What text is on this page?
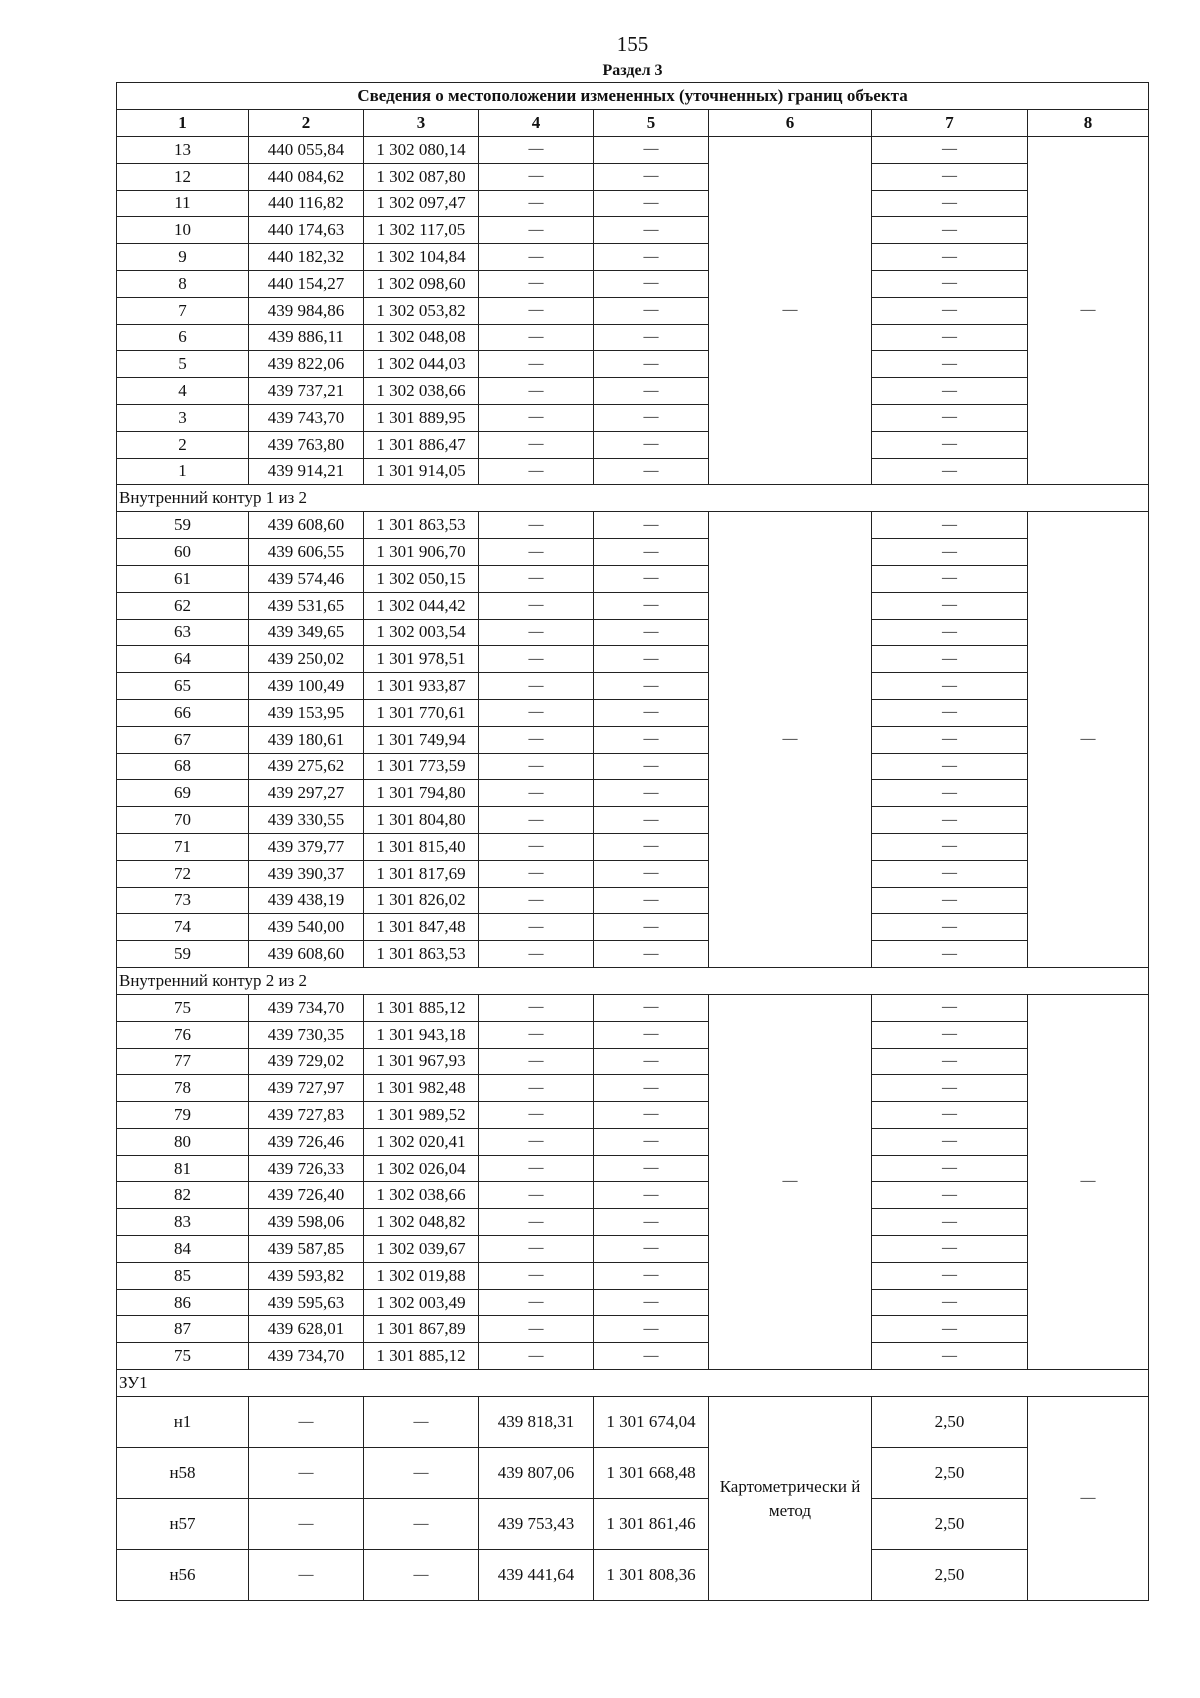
155
Раздел 3
Сведения о местоположении измененных (уточненных) границ объекта							
1	2	3	4	5	6	7	8
13	440 055,84	1 302 080,14	—	—	—	—	—
12	440 084,62	1 302 087,80	—	—		—	
11	440 116,82	1 302 097,47	—	—		—	
10	440 174,63	1 302 117,05	—	—		—	
9	440 182,32	1 302 104,84	—	—		—	
8	440 154,27	1 302 098,60	—	—		—	
7	439 984,86	1 302 053,82	—	—		—	
6	439 886,11	1 302 048,08	—	—		—	
5	439 822,06	1 302 044,03	—	—		—	
4	439 737,21	1 302 038,66	—	—		—	
3	439 743,70	1 301 889,95	—	—		—	
2	439 763,80	1 301 886,47	—	—		—	
1	439 914,21	1 301 914,05	—	—		—	
Внутренний контур 1 из 2							
59	439 608,60	1 301 863,53	—	—	—	—	—
60	439 606,55	1 301 906,70	—	—		—	
61	439 574,46	1 302 050,15	—	—		—	
62	439 531,65	1 302 044,42	—	—		—	
63	439 349,65	1 302 003,54	—	—		—	
64	439 250,02	1 301 978,51	—	—		—	
65	439 100,49	1 301 933,87	—	—		—	
66	439 153,95	1 301 770,61	—	—		—	
67	439 180,61	1 301 749,94	—	—		—	
68	439 275,62	1 301 773,59	—	—		—	
69	439 297,27	1 301 794,80	—	—		—	
70	439 330,55	1 301 804,80	—	—		—	
71	439 379,77	1 301 815,40	—	—		—	
72	439 390,37	1 301 817,69	—	—		—	
73	439 438,19	1 301 826,02	—	—		—	
74	439 540,00	1 301 847,48	—	—		—	
59	439 608,60	1 301 863,53	—	—		—	
Внутренний контур 2 из 2							
75	439 734,70	1 301 885,12	—	—	—	—	—
76	439 730,35	1 301 943,18	—	—		—	
77	439 729,02	1 301 967,93	—	—		—	
78	439 727,97	1 301 982,48	—	—		—	
79	439 727,83	1 301 989,52	—	—		—	
80	439 726,46	1 302 020,41	—	—		—	
81	439 726,33	1 302 026,04	—	—		—	
82	439 726,40	1 302 038,66	—	—		—	
83	439 598,06	1 302 048,82	—	—		—	
84	439 587,85	1 302 039,67	—	—		—	
85	439 593,82	1 302 019,88	—	—		—	
86	439 595,63	1 302 003,49	—	—		—	
87	439 628,01	1 301 867,89	—	—		—	
75	439 734,70	1 301 885,12	—	—		—	
ЗУ1							
н1	—	—	439 818,31	1 301 674,04	Картометрически й метод	2,50	—
н58	—	—	439 807,06	1 301 668,48		2,50	
н57	—	—	439 753,43	1 301 861,46		2,50	
н56	—	—	439 441,64	1 301 808,36		2,50	
